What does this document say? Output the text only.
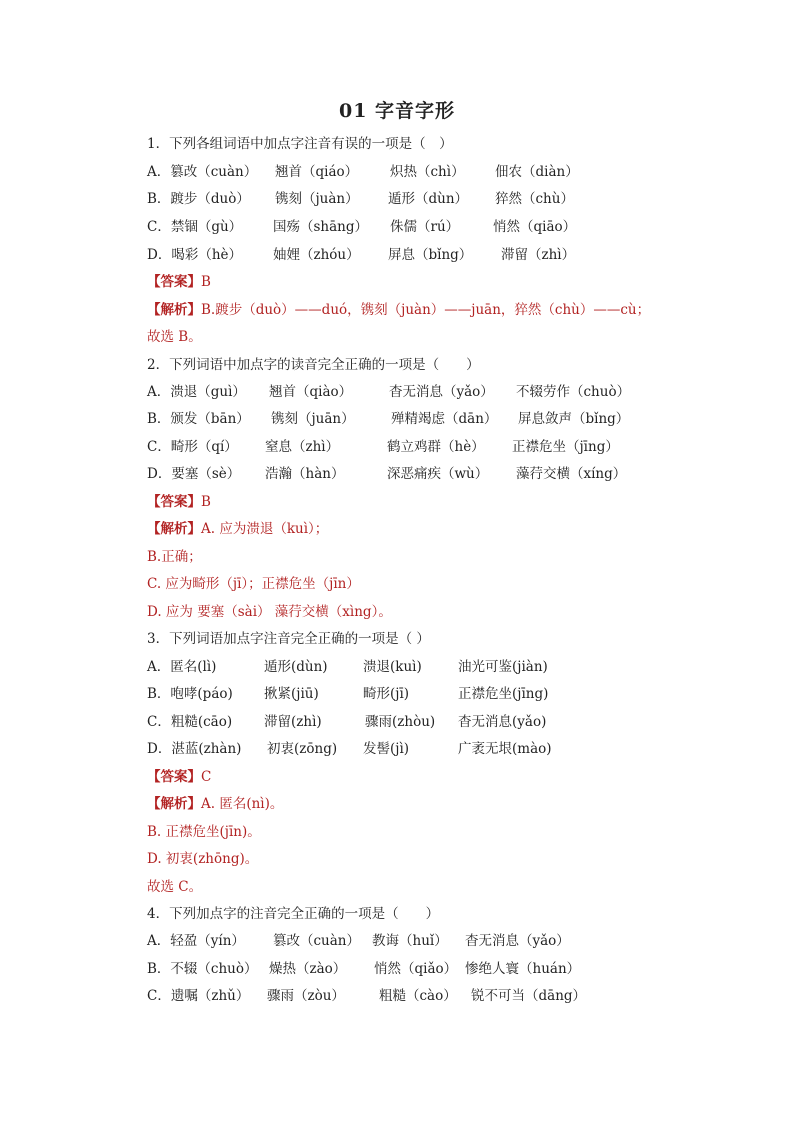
01 字音字形
1．下列各组词语中加点字注音有误的一项是（　）
A．篡改（cuàn） 翘首（qiáo） 炽热（chì） 佃农（diàn）
B．踱步（duò） 镌刻（juàn） 遁形（dùn） 猝然（chù）
C．禁锢（gù） 国殇（shāng） 侏儒（rú）	悄然（qiāo）
D．喝彩（hè） 妯娌（zhóu） 屏息（bǐng） 滞留（zhì）
【答案】B
【解析】B.踱步（duò）——duó，镌刻（juàn）——juān，猝然（chù）——cù；
故选 B。
2．下列词语中加点字的读音完全正确的一项是（　　）
A．溃退（guì） 翘首（qiào）	杳无消息（yǎo） 不辍劳作（chuò）
B．颁发（bān） 镌刻（juān）	殚精竭虑（dān） 屏息敛声（bǐng）
C．畸形（qí） 窒息（zhì）	鹤立鸡群（hè） 正襟危坐（jīng）
D．要塞（sè） 浩瀚（hàn）	深恶痛疾（wù） 藻荇交横（xíng）
【答案】B
【解析】A. 应为溃退（kuì）；
B.正确；
C. 应为畸形（jī）；正襟危坐（jīn）
D. 应为 要塞（sài） 藻荇交横（xìng）。
3．下列词语加点字注音完全正确的一项是（ ）
A．匿名(lì)	遁形(dùn)	溃退(kuì)	油光可鉴(jiàn)
B．咆哮(páo) 揪紧(jiū)	畸形(jī)	正襟危坐(jīng)
C．粗糙(cāo) 滞留(zhì)	骤雨(zhòu) 杳无消息(yǎo)
D．湛蓝(zhàn) 初衷(zōng) 发髻(jì)	广袤无垠(mào)
【答案】C
【解析】A. 匿名(nì)。
B. 正襟危坐(jīn)。
D. 初衷(zhōng)。
故选 C。
4．下列加点字的注音完全正确的一项是（　　）
A．轻盈（yín） 篡改（cuàn） 教诲（huǐ） 杳无消息（yǎo）
B．不辍（chuò） 燥热（zào） 悄然（qiǎo） 惨绝人寰（huán）
C．遗嘱（zhǔ） 骤雨（zòu）	粗糙（cào） 锐不可当（dāng）
